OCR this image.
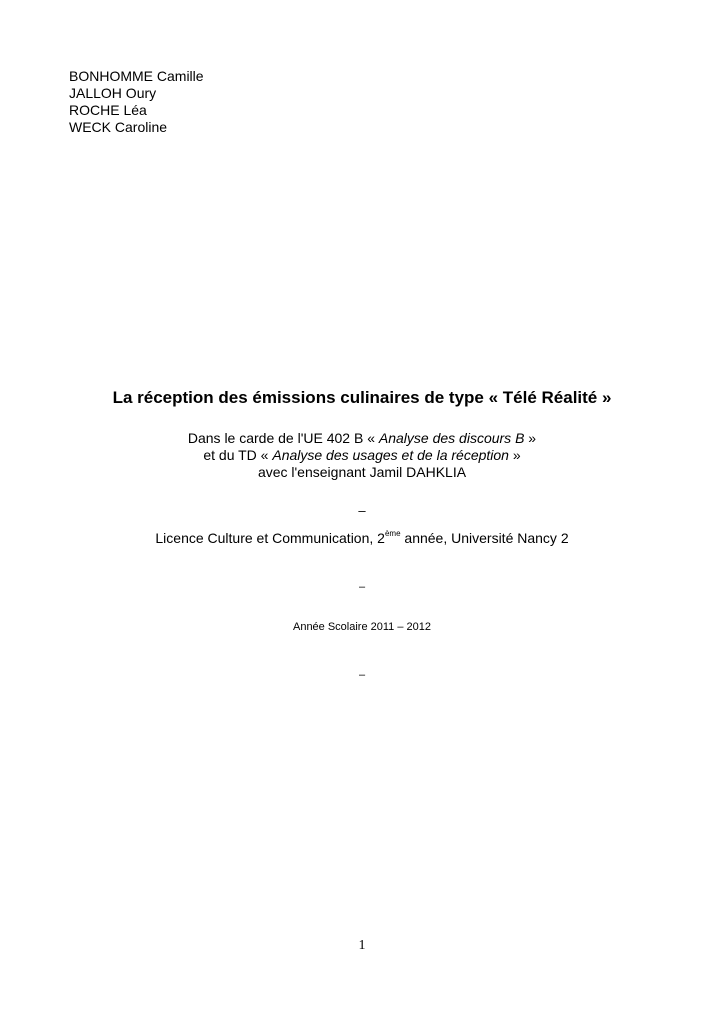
BONHOMME Camille
JALLOH Oury
ROCHE Léa
WECK Caroline
La réception des émissions culinaires de type « Télé Réalité »
Dans le carde de l'UE 402 B « Analyse des discours B »
et du TD « Analyse des usages et de la réception »
avec l'enseignant Jamil DAHKLIA
–
Licence Culture et Communication, 2ème année, Université Nancy 2
–
Année Scolaire 2011 – 2012
–
1
